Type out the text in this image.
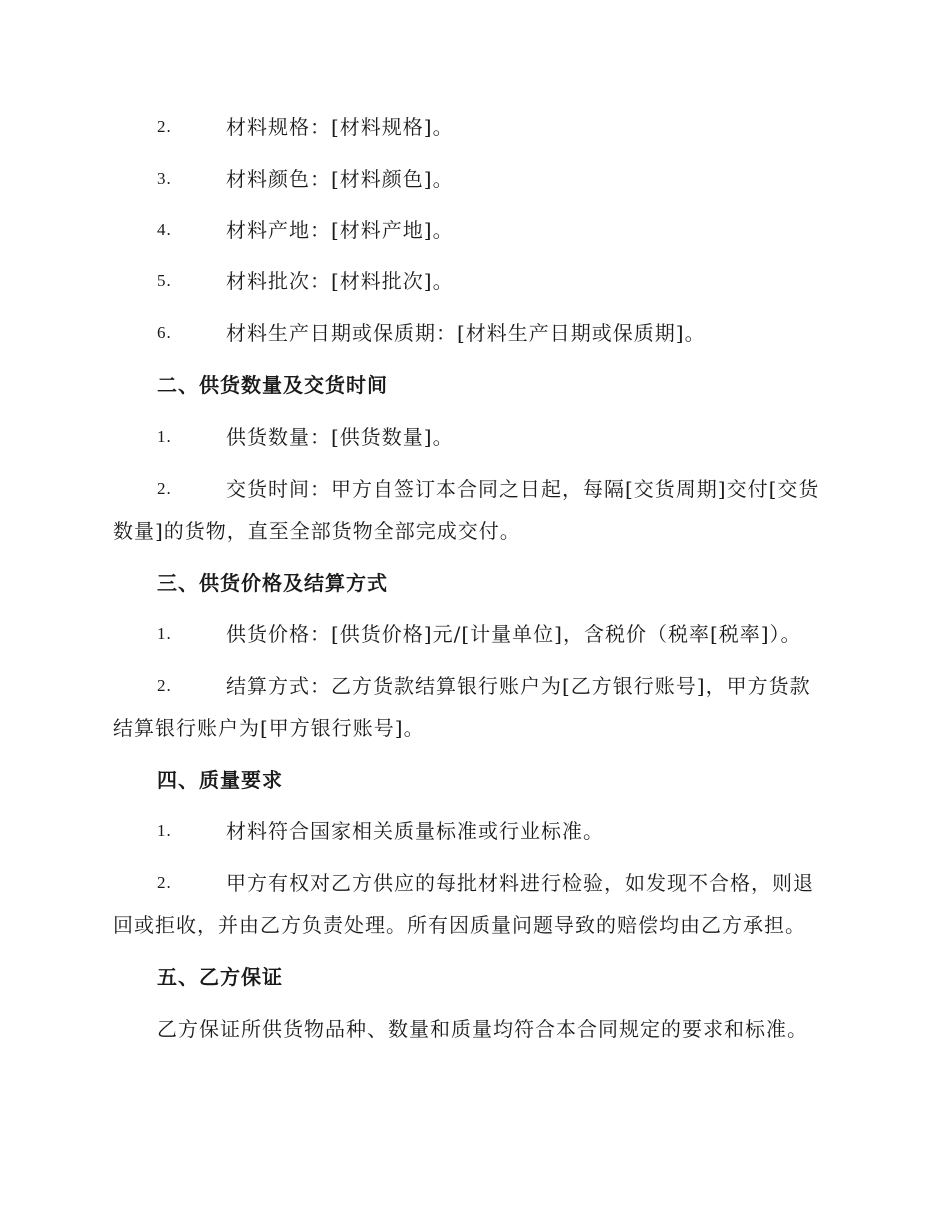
2.	材料规格：[材料规格]。
3.	材料颜色：[材料颜色]。
4.	材料产地：[材料产地]。
5.	材料批次：[材料批次]。
6.	材料生产日期或保质期：[材料生产日期或保质期]。
二、供货数量及交货时间
1.	供货数量：[供货数量]。
2.	交货时间：甲方自签订本合同之日起，每隔[交货周期]交付[交货
数量]的货物，直至全部货物全部完成交付。
三、供货价格及结算方式
1.	供货价格：[供货价格]元/[计量单位]，含税价（税率[税率]）。
2.	结算方式：乙方货款结算银行账户为[乙方银行账号]，甲方货款
结算银行账户为[甲方银行账号]。
四、质量要求
1.	材料符合国家相关质量标准或行业标准。
2.	甲方有权对乙方供应的每批材料进行检验，如发现不合格，则退
回或拒收，并由乙方负责处理。所有因质量问题导致的赔偿均由乙方承担。
五、乙方保证
乙方保证所供货物品种、数量和质量均符合本合同规定的要求和标准。
